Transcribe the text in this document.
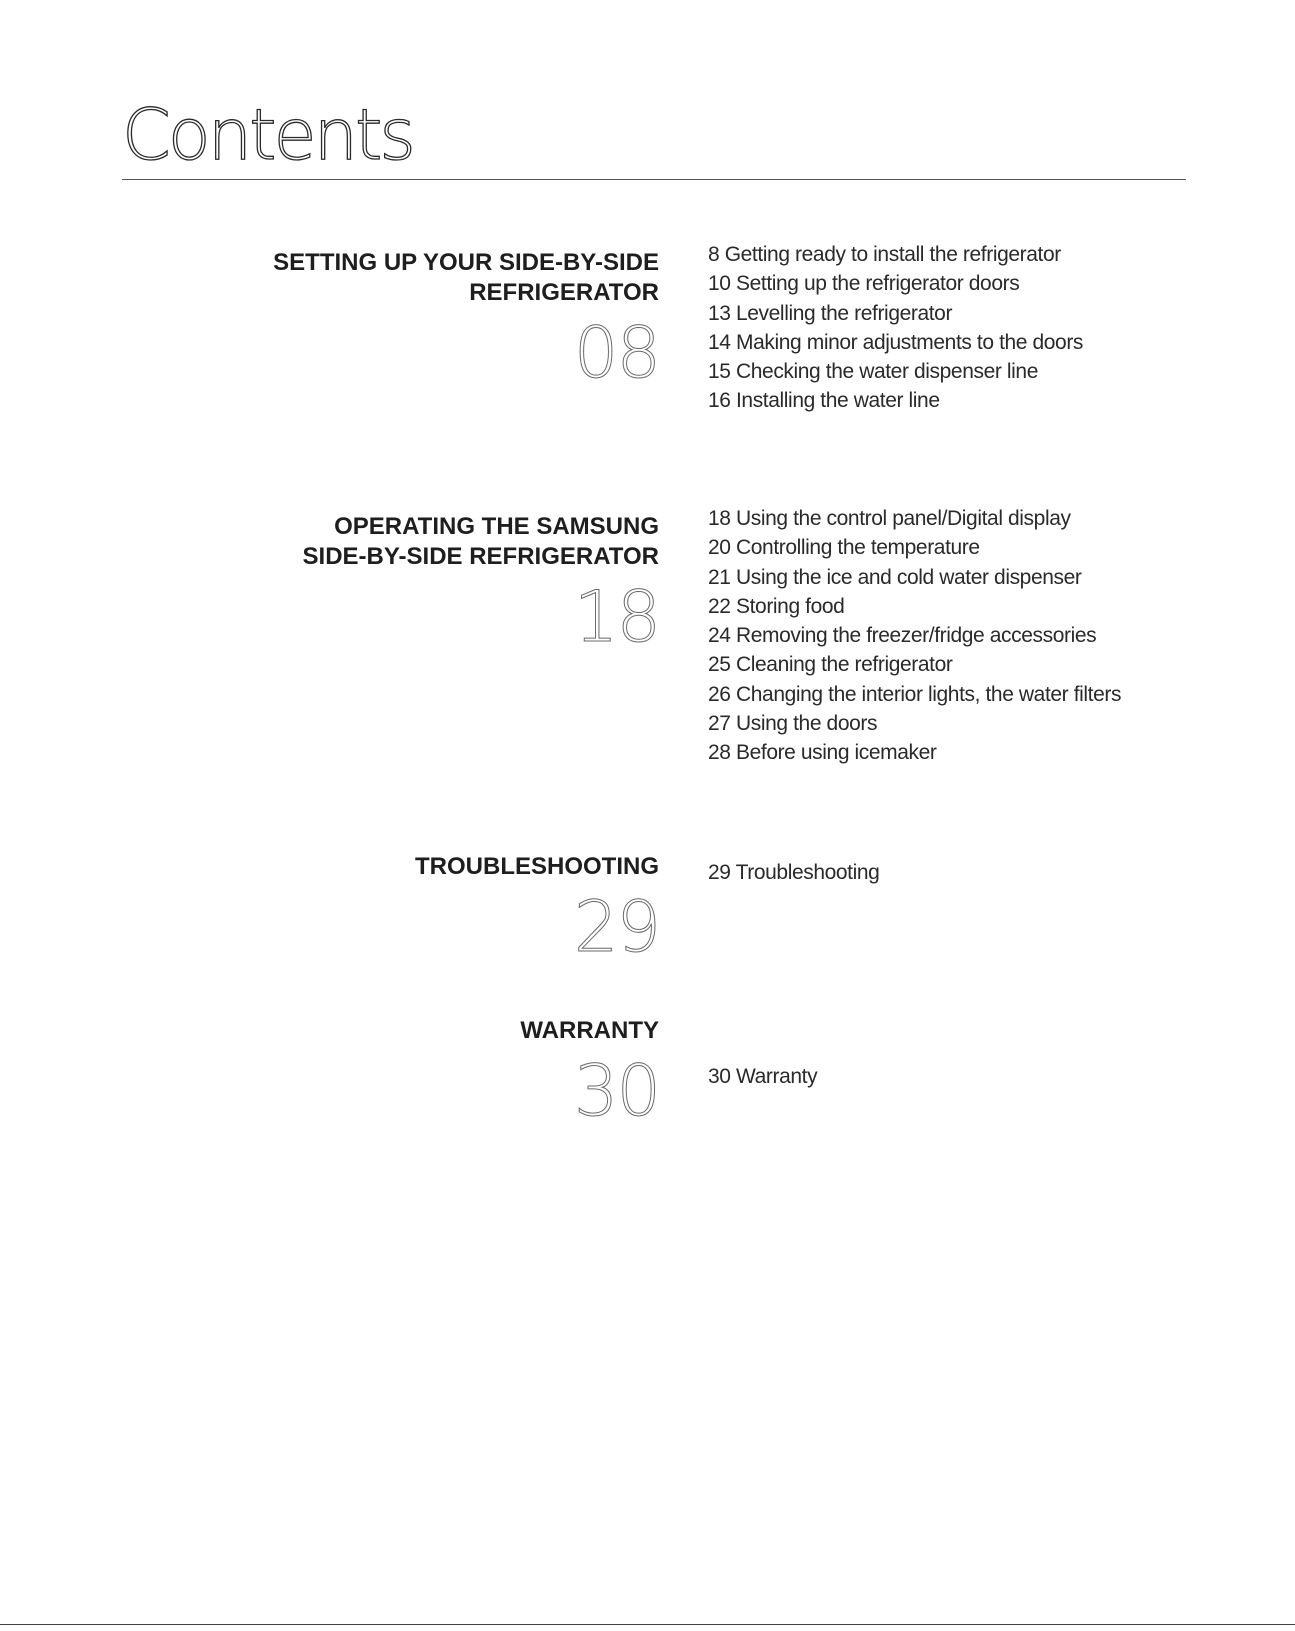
Contents

SETTING UP YOUR SIDE-BY-SIDE

REFRIGERATOR

08
8 Getting ready to install the refrigerator
10 Setting up the refrigerator doors
13 Levelling the refrigerator
14 Making minor adjustments to the doors
15 Checking the water dispenser line
16 Installing the water line

OPERATING THE SAMSUNG

SIDE-BY-SIDE REFRIGERATOR

18
18 Using the control panel/Digital display
20 Controlling the temperature
21 Using the ice and cold water dispenser
22 Storing food
24 Removing the freezer/fridge accessories
25 Cleaning the refrigerator
26 Changing the interior lights, the water filters
27 Using the doors
28 Before using icemaker

TROUBLESHOOTING

29
29 Troubleshooting

WARRANTY

30 30 Warranty
